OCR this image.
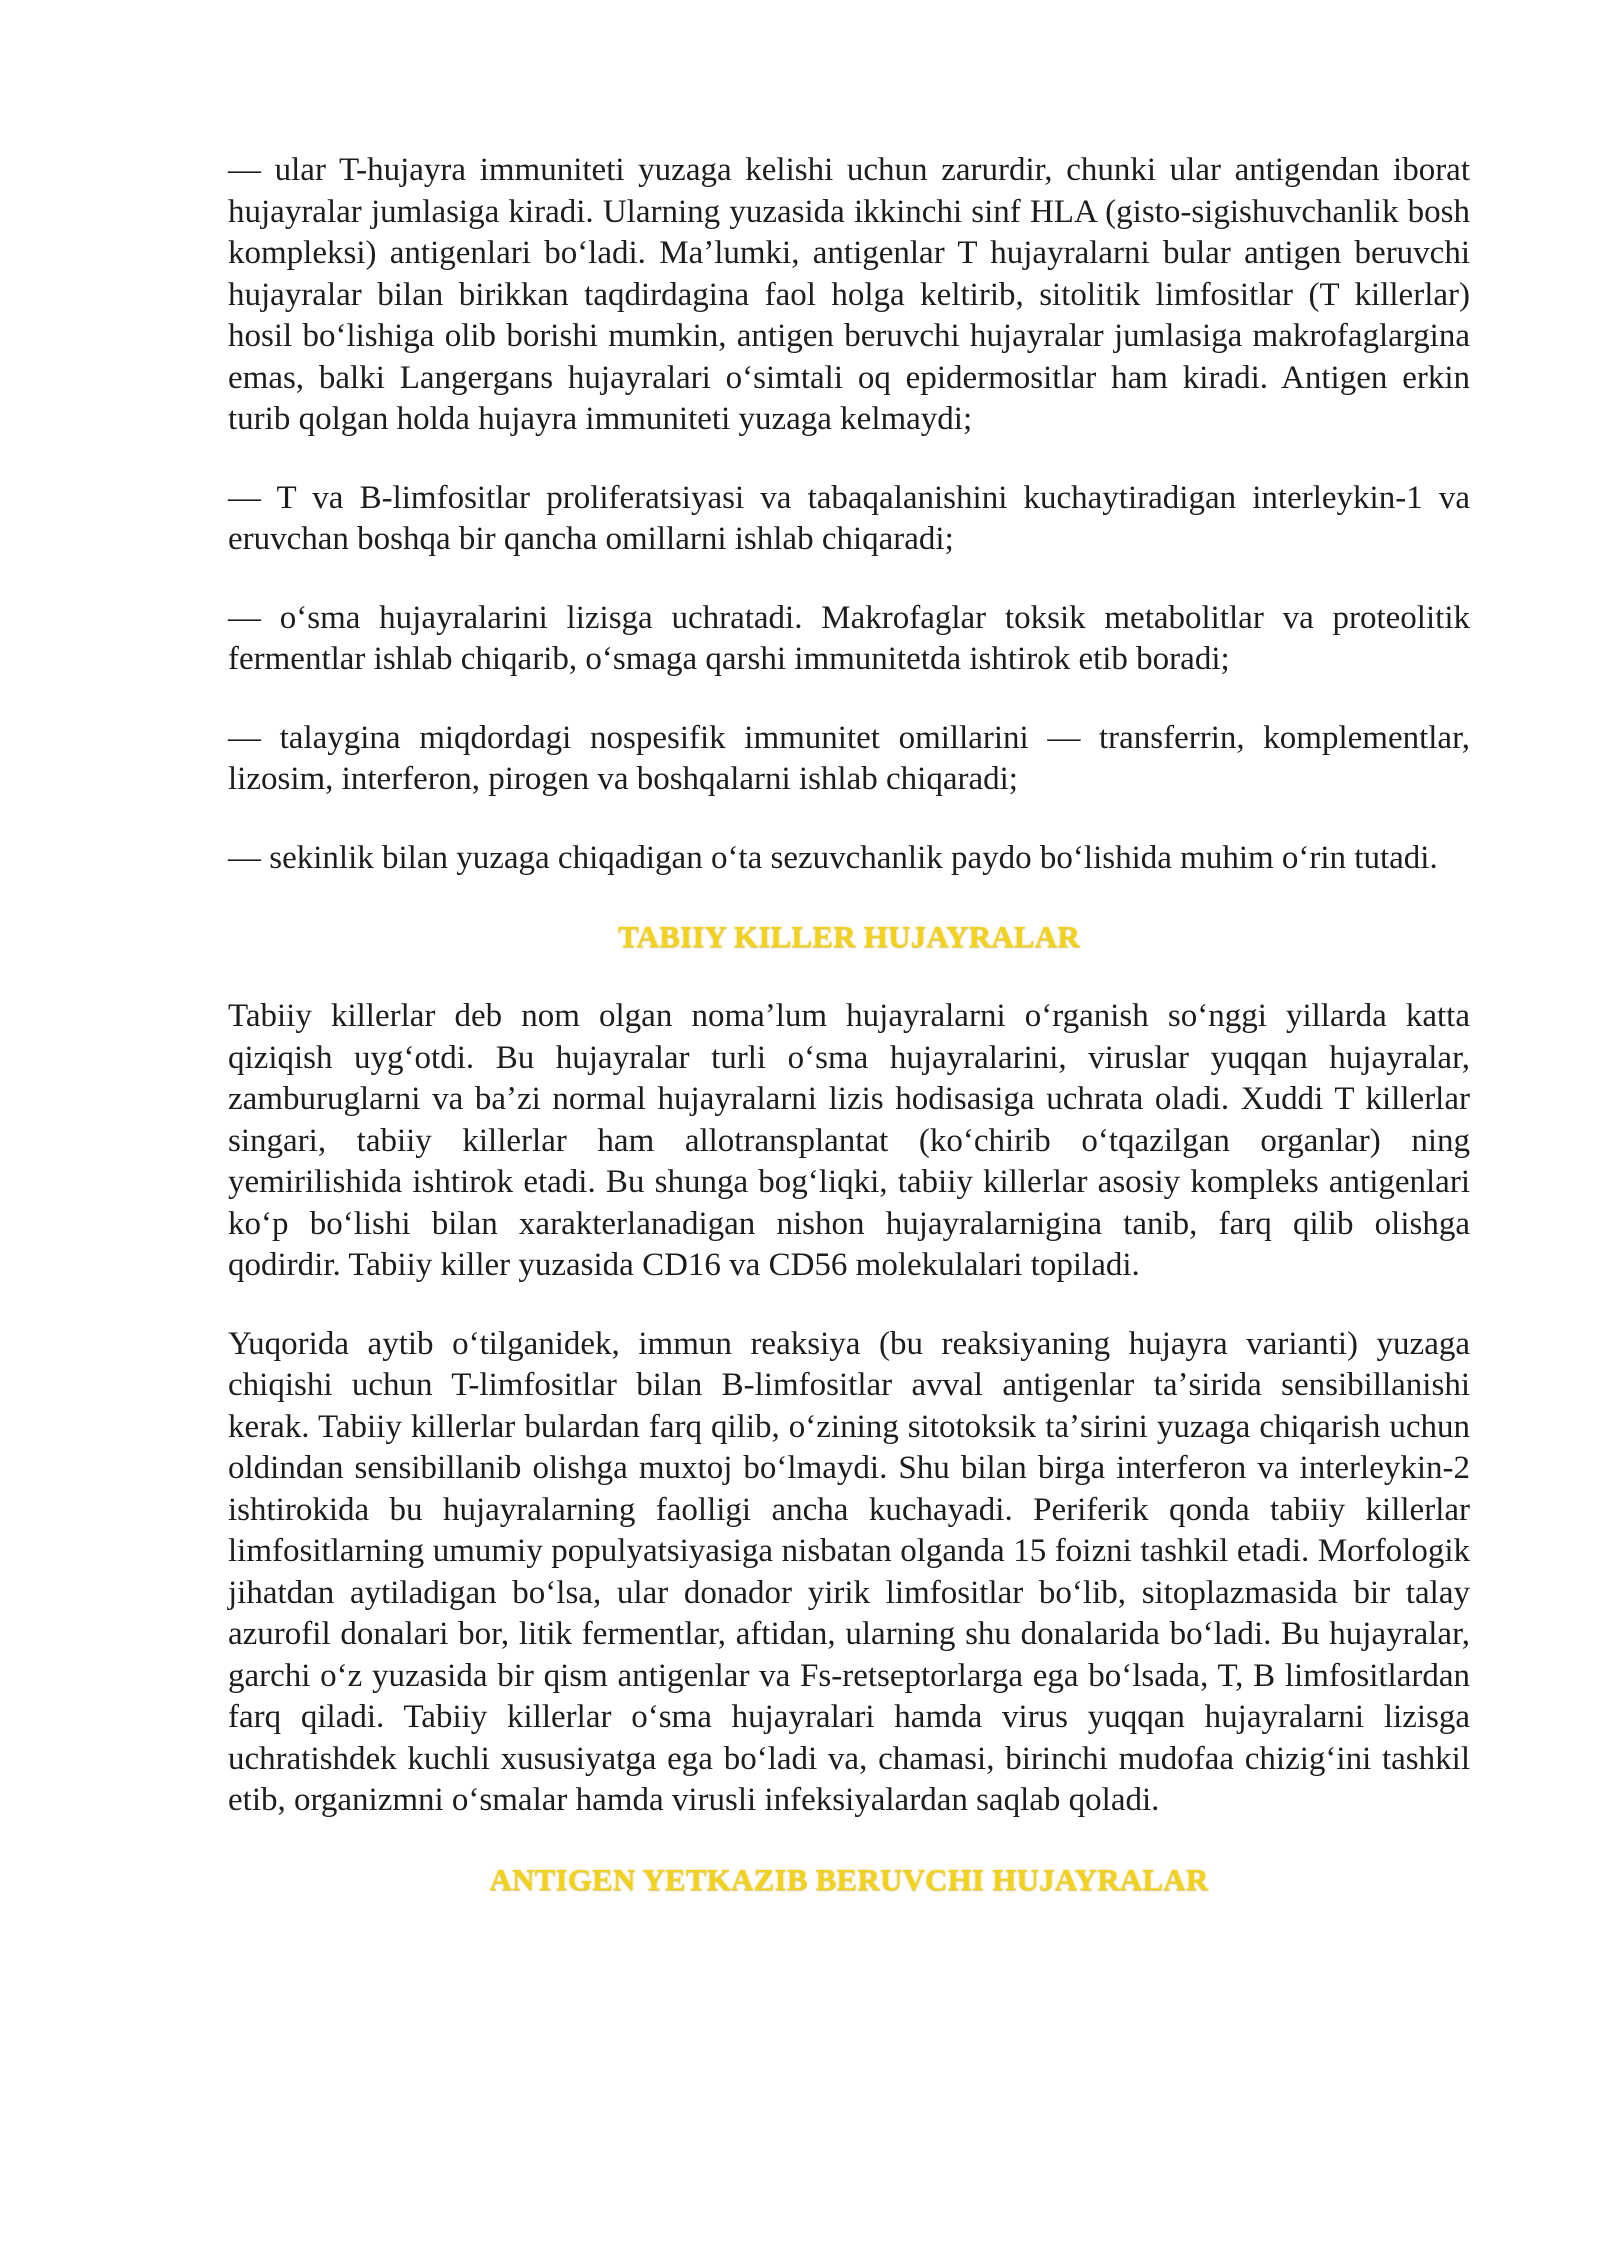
— ular T-hujayra immuniteti yuzaga kelishi uchun zarurdir, chunki ular antigendan iborat hujayralar jumlasiga kiradi. Ularning yuzasida ikkinchi sinf HLA (gisto-sigishuvchanlik bosh kompleksi) antigenlari boʻladi. Maʼlumki, antigenlar T hujayralarni bular antigen beruvchi hujayralar bilan birikkan taqdirdagina faol holga keltirib, sitolitik limfositlar (T killerlar) hosil boʻlishiga olib borishi mumkin, antigen beruvchi hujayralar jumlasiga makrofaglargina emas, balki Langergans hujayralari oʻsimtali oq epidermositlar ham kiradi. Antigen erkin turib qolgan holda hujayra immuniteti yuzaga kelmaydi;

— T va B-limfositlar proliferatsiyasi va tabaqalanishini kuchaytiradigan interleykin-1 va eruvchan boshqa bir qancha omillarni ishlab chiqaradi;

— oʻsma hujayralarini lizisga uchratadi. Makrofaglar toksik metabolitlar va proteolitik fermentlar ishlab chiqarib, oʻsmaga qarshi immunitetda ishtirok etib boradi;

— talaygina miqdordagi nospesifik immunitet omillarini — transferrin, komplementlar, lizosim, interferon, pirogen va boshqalarni ishlab chiqaradi;

— sekinlik bilan yuzaga chiqadigan oʻta sezuvchanlik paydo boʻlishida muhim oʻrin tutadi.

TABIIY KILLER HUJAYRALAR

Tabiiy killerlar deb nom olgan nomaʼlum hujayralarni oʻrganish soʻnggi yillarda katta qiziqish uygʻotdi. Bu hujayralar turli oʻsma hujayralarini, viruslar yuqqan hujayralar, zamburuglarni va baʼzi normal hujayralarni lizis hodisasiga uchrata oladi. Xuddi T killerlar singari, tabiiy killerlar ham allotransplantat (koʻchirib oʻtqazilgan organlar) ning yemirilishida ishtirok etadi. Bu shunga bogʻliqki, tabiiy killerlar asosiy kompleks antigenlari koʻp boʻlishi bilan xarakterlanadigan nishon hujayralarnigina tanib, farq qilib olishga qodirdir. Tabiiy killer yuzasida CD16 va CD56 molekulalari topiladi.

Yuqorida aytib oʻtilganidek, immun reaksiya (bu reaksiyaning hujayra varianti) yuzaga chiqishi uchun T-limfositlar bilan B-limfositlar avval antigenlar taʼsirida sensibillanishi kerak. Tabiiy killerlar bulardan farq qilib, oʻzining sitotoksik taʼsirini yuzaga chiqarish uchun oldindan sensibillanib olishga muxtoj boʻlmaydi. Shu bilan birga interferon va interleykin-2 ishtirokida bu hujayralarning faolligi ancha kuchayadi. Periferik qonda tabiiy killerlar limfositlarning umumiy populyatsiyasiga nisbatan olganda 15 foizni tashkil etadi. Morfologik jihatdan aytiladigan boʻlsa, ular donador yirik limfositlar boʻlib, sitoplazmasida bir talay azurofil donalari bor, litik fermentlar, aftidan, ularning shu donalarida boʻladi. Bu hujayralar, garchi oʻz yuzasida bir qism antigenlar va Fs-retseptorlarga ega boʻlsada, T, B limfositlardan farq qiladi. Tabiiy killerlar oʻsma hujayralari hamda virus yuqqan hujayralarni lizisga uchratishdek kuchli xususiyatga ega boʻladi va, chamasi, birinchi mudofaa chizigʻini tashkil etib, organizmni oʻsmalar hamda virusli infeksiyalardan saqlab qoladi.

ANTIGEN YETKAZIB BERUVCHI HUJAYRALAR
